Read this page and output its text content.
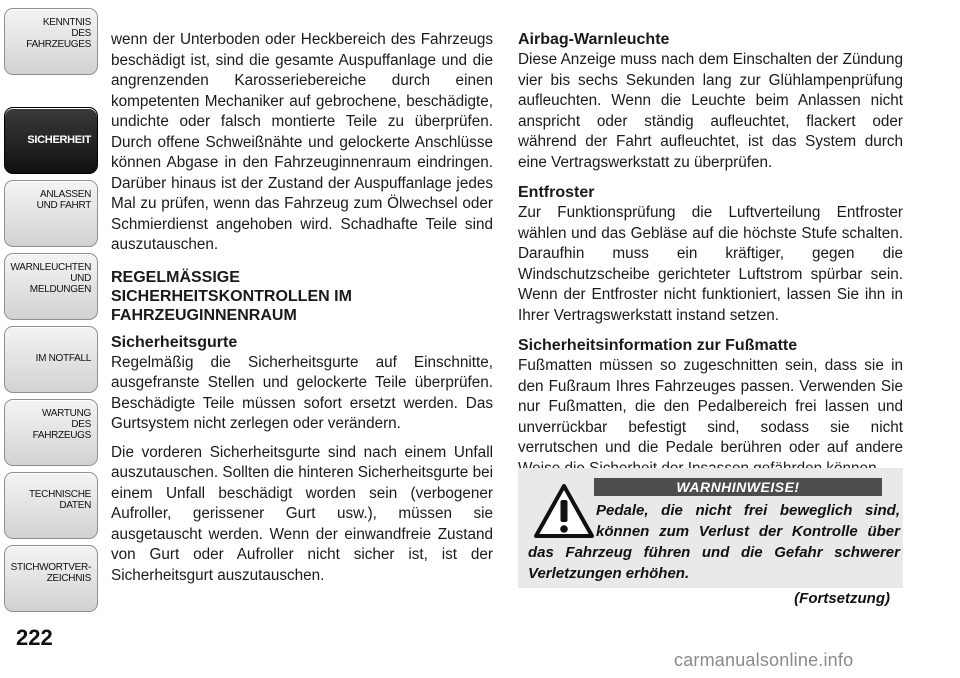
KENNTNIS
DES
FAHRZEUGES
SICHERHEIT
ANLASSEN
UND FAHRT
WARNLEUCHTEN
UND
MELDUNGEN
IM NOTFALL
WARTUNG
DES
FAHRZEUGS
TECHNISCHE
DATEN
STICHWORTVER-
ZEICHNIS
222

wenn der Unterboden oder Heckbereich des Fahrzeugs beschädigt ist, sind die gesamte Auspuffanlage und die angrenzenden Karosseriebereiche durch einen kompetenten Mechaniker auf gebrochene, beschädigte, undichte oder falsch montierte Teile zu überprüfen. Durch offene Schweißnähte und gelockerte Anschlüsse können Abgase in den Fahrzeuginnenraum eindringen. Darüber hinaus ist der Zustand der Auspuffanlage jedes Mal zu prüfen, wenn das Fahrzeug zum Ölwechsel oder Schmierdienst angehoben wird. Schadhafte Teile sind auszutauschen.

REGELMÄSSIGE
SICHERHEITSKONTROLLEN IM
FAHRZEUGINNENRAUM
Sicherheitsgurte

Regelmäßig die Sicherheitsgurte auf Einschnitte, ausgefranste Stellen und gelockerte Teile überprüfen. Beschädigte Teile müssen sofort ersetzt werden. Das Gurtsystem nicht zerlegen oder verändern.

Die vorderen Sicherheitsgurte sind nach einem Unfall auszutauschen. Sollten die hinteren Sicherheitsgurte bei einem Unfall beschädigt worden sein (verbogener Aufroller, gerissener Gurt usw.), müssen sie ausgetauscht werden. Wenn der einwandfreie Zustand von Gurt oder Aufroller nicht sicher ist, ist der Sicherheitsgurt auszutauschen.

Airbag-Warnleuchte

Diese Anzeige muss nach dem Einschalten der Zündung vier bis sechs Sekunden lang zur Glühlampenprüfung aufleuchten. Wenn die Leuchte beim Anlassen nicht anspricht oder ständig aufleuchtet, flackert oder während der Fahrt aufleuchtet, ist das System durch eine Vertragswerkstatt zu überprüfen.

Entfroster

Zur Funktionsprüfung die Luftverteilung Entfroster wählen und das Gebläse auf die höchste Stufe schalten. Daraufhin muss ein kräftiger, gegen die Windschutzscheibe gerichteter Luftstrom spürbar sein. Wenn der Entfroster nicht funktioniert, lassen Sie ihn in Ihrer Vertragswerkstatt instand setzen.

Sicherheitsinformation zur Fußmatte

Fußmatten müssen so zugeschnitten sein, dass sie in den Fußraum Ihres Fahrzeuges passen. Verwenden Sie nur Fußmatten, die den Pedalbereich frei lassen und unverrückbar befestigt sind, sodass sie nicht verrutschen und die Pedale berühren oder auf andere

WARNHINWEISE!
Pedale, die nicht frei beweglich sind, können zum Verlust der Kontrolle über das Fahrzeug führen und die Gefahr schwerer Verletzungen erhöhen.
(Fortsetzung)
carmanualsonline.info
